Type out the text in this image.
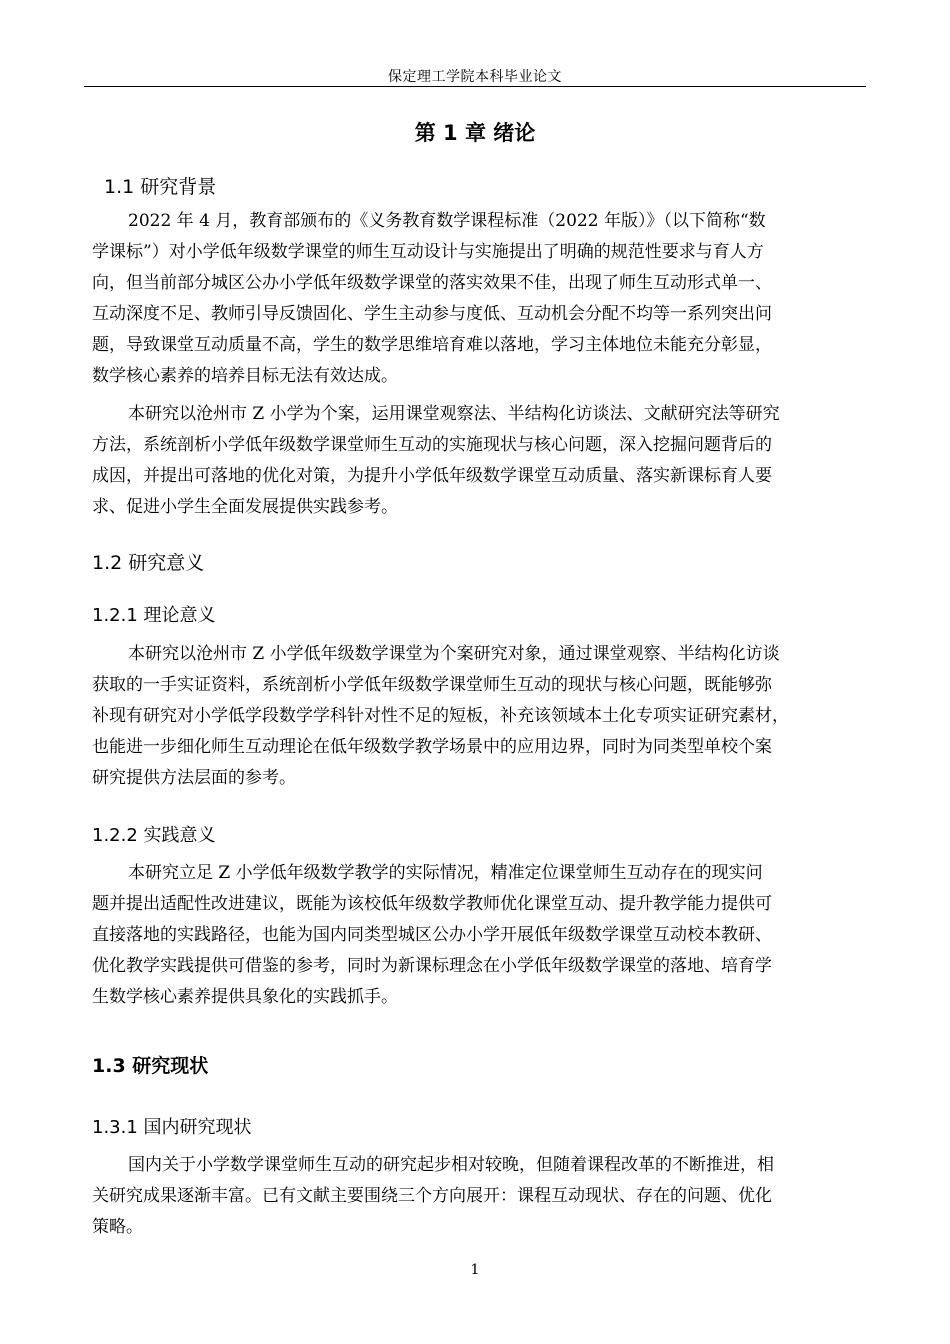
保定理工学院本科毕业论文
第 1 章 绪论
1.1 研究背景
2022 年 4 月，教育部颁布的《义务教育数学课程标准（2022 年版）》（以下简称“数
学课标”）对小学低年级数学课堂的师生互动设计与实施提出了明确的规范性要求与育人方
向，但当前部分城区公办小学低年级数学课堂的落实效果不佳，出现了师生互动形式单一、
互动深度不足、教师引导反馈固化、学生主动参与度低、互动机会分配不均等一系列突出问
题，导致课堂互动质量不高，学生的数学思维培育难以落地，学习主体地位未能充分彰显，
数学核心素养的培养目标无法有效达成。
本研究以沧州市 Z 小学为个案，运用课堂观察法、半结构化访谈法、文献研究法等研究
方法，系统剖析小学低年级数学课堂师生互动的实施现状与核心问题，深入挖掘问题背后的
成因，并提出可落地的优化对策，为提升小学低年级数学课堂互动质量、落实新课标育人要
求、促进小学生全面发展提供实践参考。
1.2 研究意义
1.2.1 理论意义
本研究以沧州市 Z 小学低年级数学课堂为个案研究对象，通过课堂观察、半结构化访谈
获取的一手实证资料，系统剖析小学低年级数学课堂师生互动的现状与核心问题，既能够弥
补现有研究对小学低学段数学学科针对性不足的短板，补充该领域本土化专项实证研究素材，
也能进一步细化师生互动理论在低年级数学教学场景中的应用边界，同时为同类型单校个案
研究提供方法层面的参考。
1.2.2 实践意义
本研究立足 Z 小学低年级数学教学的实际情况，精准定位课堂师生互动存在的现实问
题并提出适配性改进建议，既能为该校低年级数学教师优化课堂互动、提升教学能力提供可
直接落地的实践路径，也能为国内同类型城区公办小学开展低年级数学课堂互动校本教研、
优化教学实践提供可借鉴的参考，同时为新课标理念在小学低年级数学课堂的落地、培育学
生数学核心素养提供具象化的实践抓手。
1.3 研究现状
1.3.1 国内研究现状
国内关于小学数学课堂师生互动的研究起步相对较晚，但随着课程改革的不断推进，相
关研究成果逐渐丰富。已有文献主要围绕三个方向展开：课程互动现状、存在的问题、优化
策略。
1
